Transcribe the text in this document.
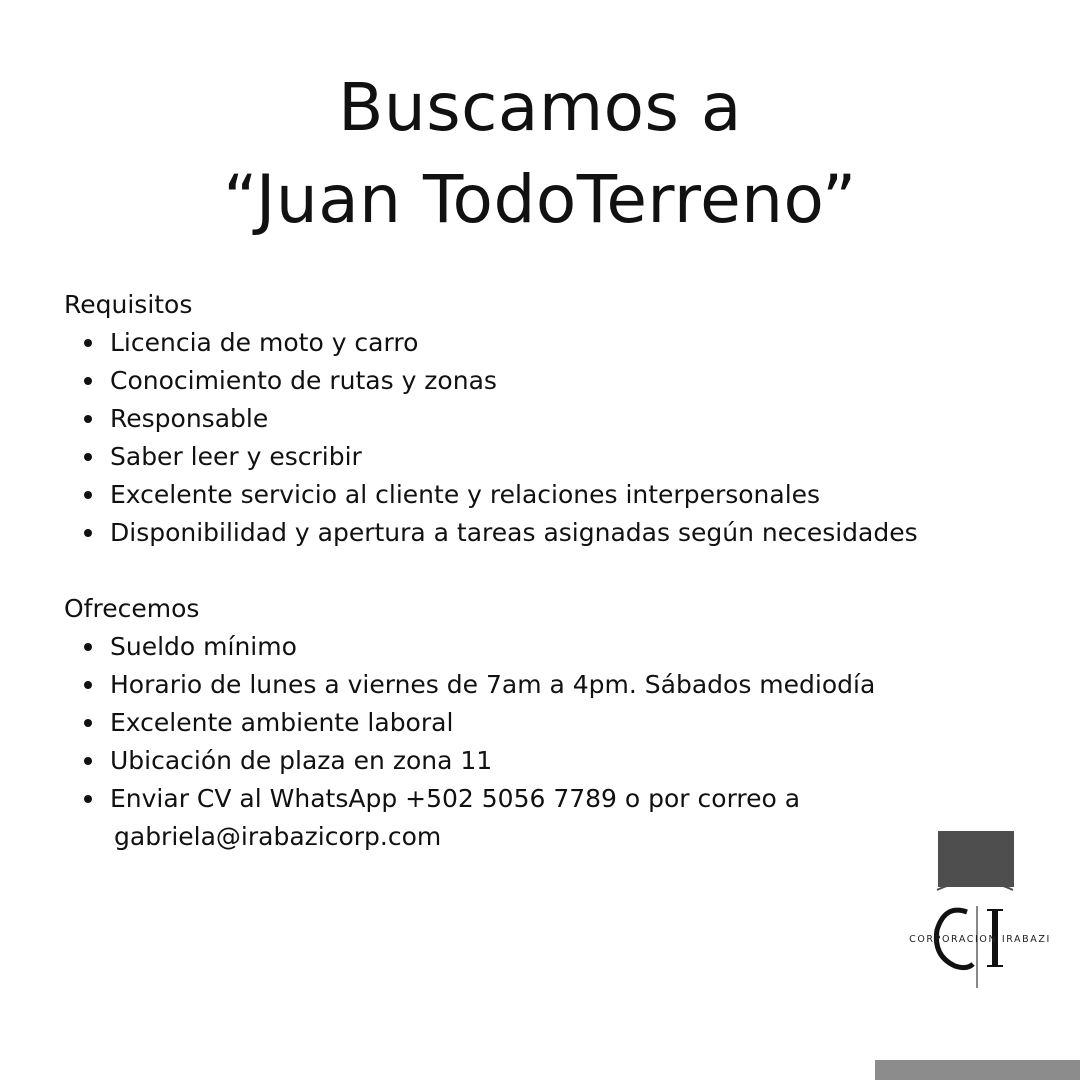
Buscamos a
“Juan TodoTerreno”
Requisitos
Licencia de moto y carro
Conocimiento de rutas y zonas
Responsable
Saber leer y escribir
Excelente servicio al cliente y relaciones interpersonales
Disponibilidad y apertura a tareas asignadas según necesidades
Ofrecemos
Sueldo mínimo
Horario de lunes a viernes de 7am a 4pm. Sábados mediodía
Excelente ambiente laboral
Ubicación de plaza en zona 11
Enviar CV al WhatsApp +502 5056 7789 o por correo a
gabriela@irabazicorp.com
CORPORACION IRABAZI
